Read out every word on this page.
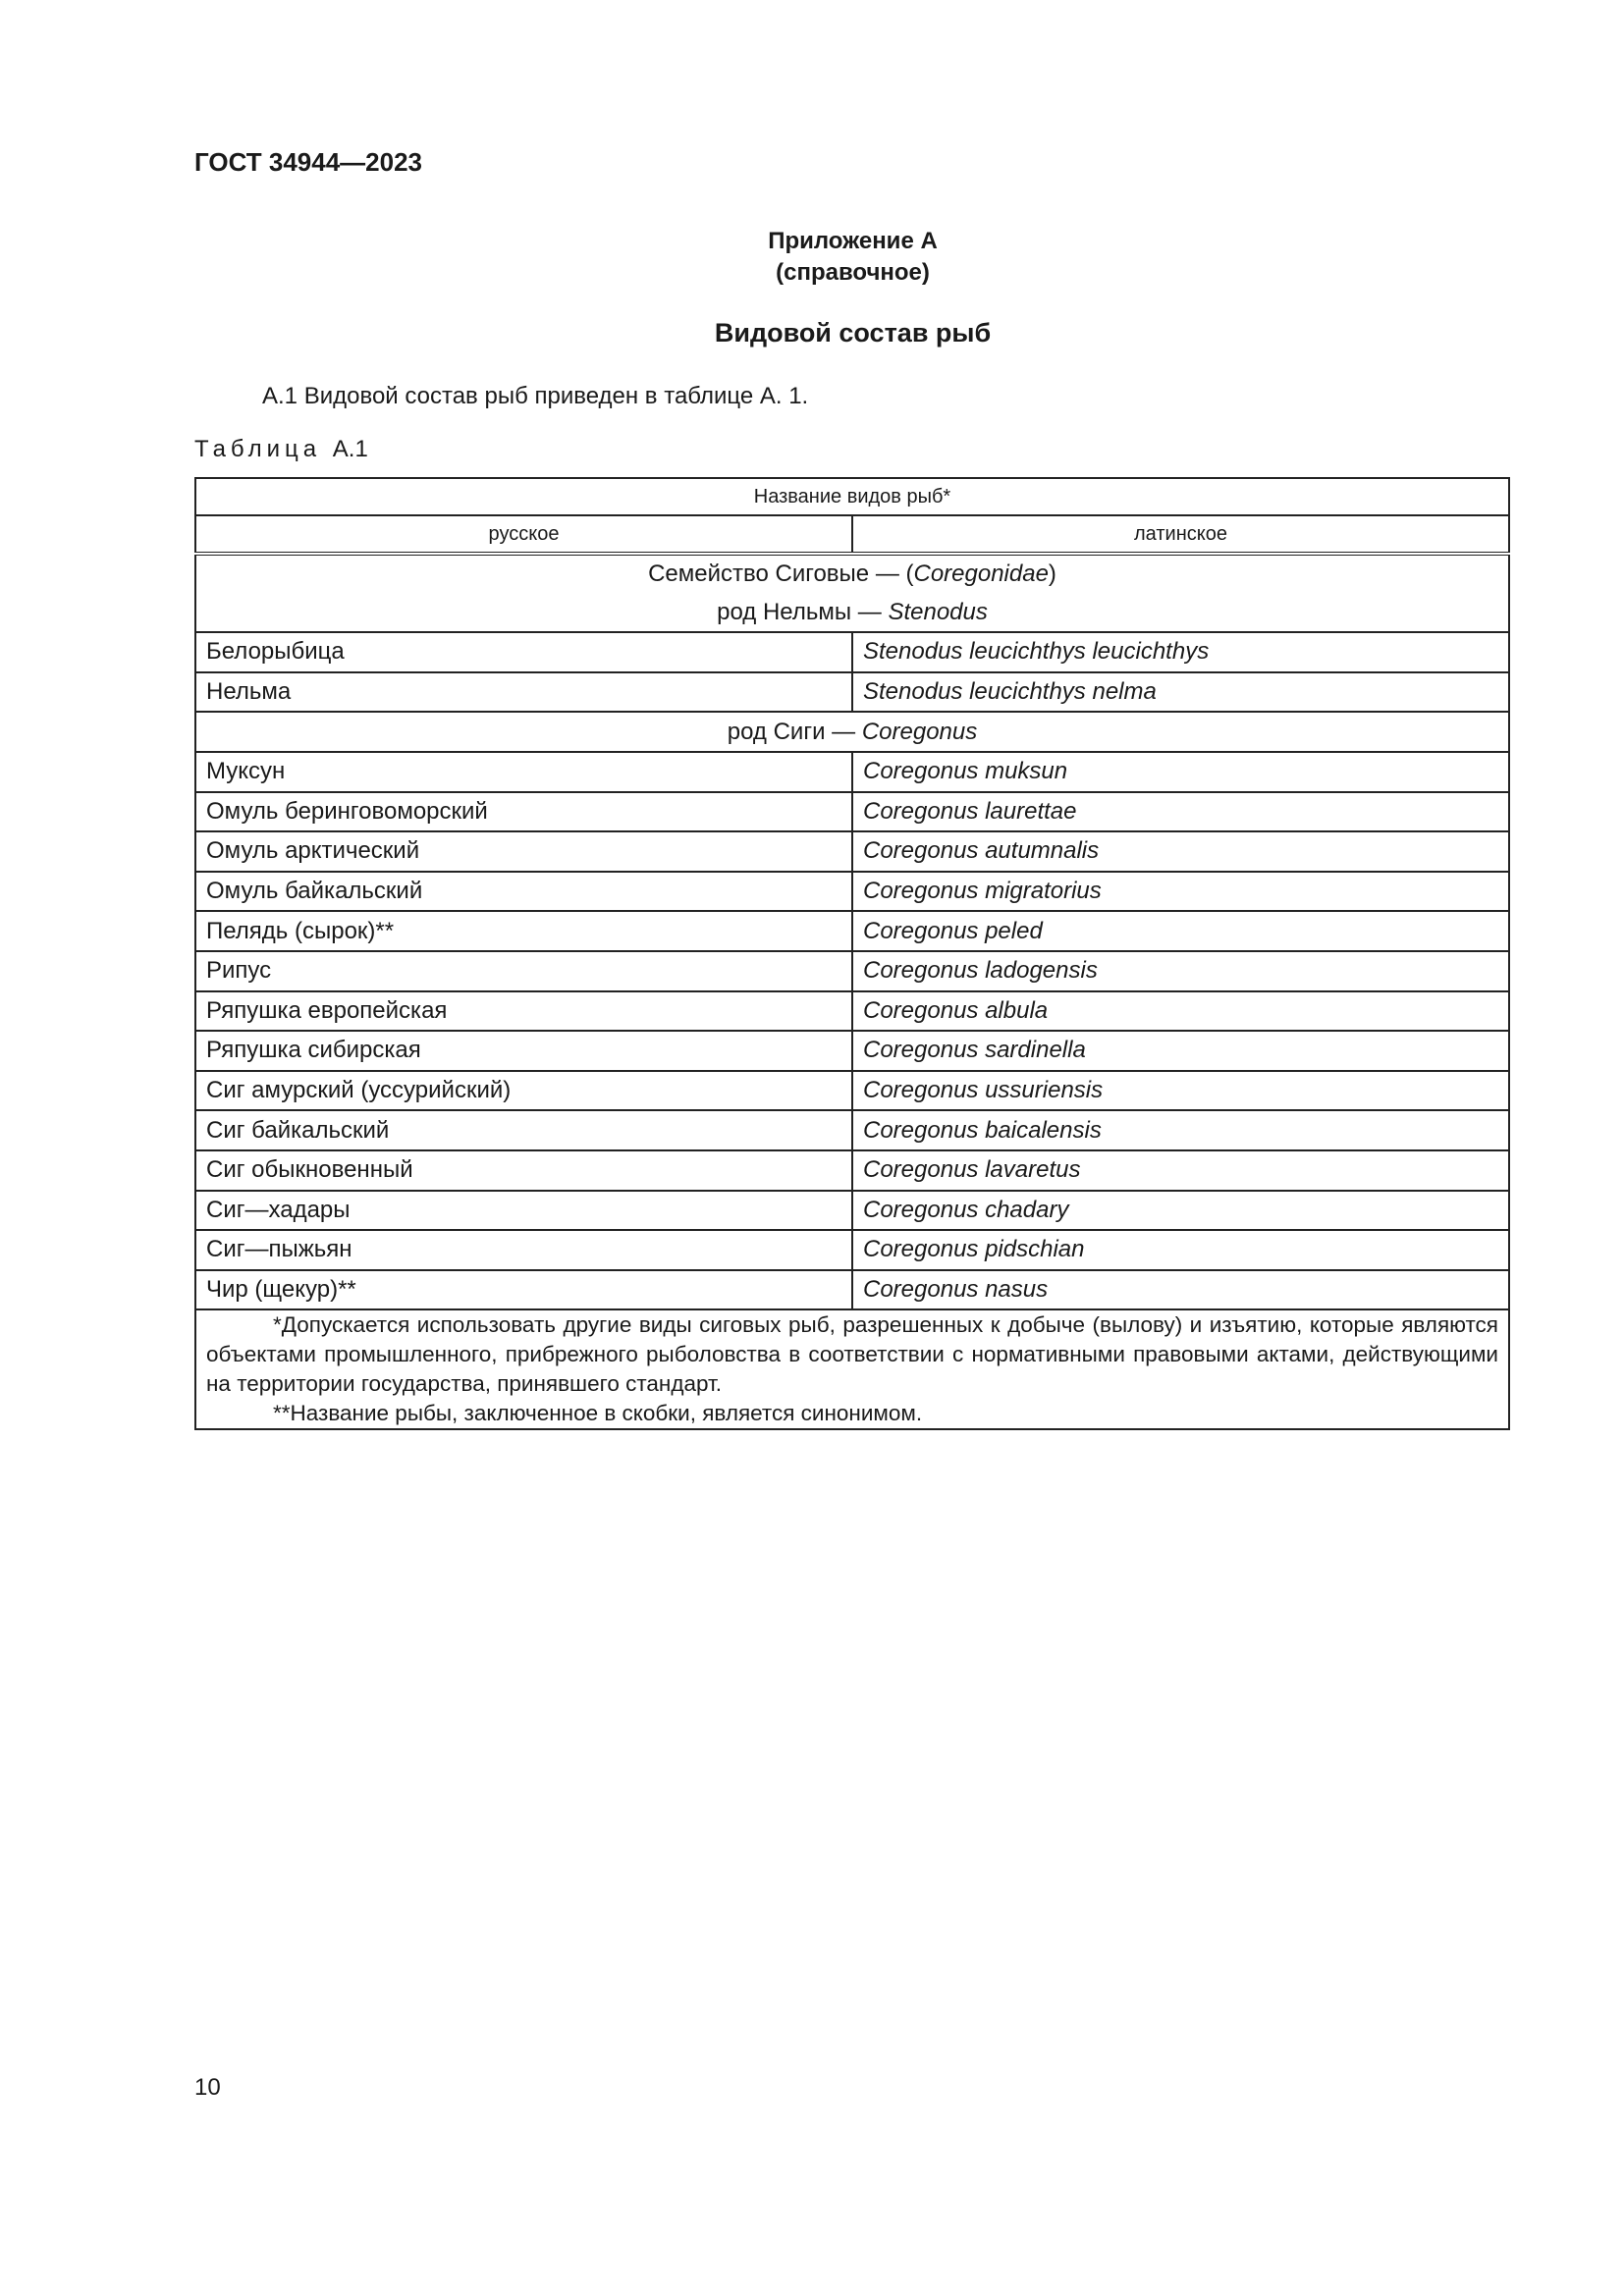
ГОСТ 34944—2023
Приложение А
(справочное)
Видовой состав рыб
А.1 Видовой состав рыб приведен в таблице А. 1.
Таблица А.1
Название видов рыб*	
русское	латинское
Семейство Сиговые — (Coregonidae)	
род Нельмы — Stenodus	
Белорыбица	Stenodus leucichthys leucichthys
Нельма	Stenodus leucichthys nelma
род Сиги — Coregonus	
Муксун	Coregonus muksun
Омуль беринговоморский	Coregonus laurettae
Омуль арктический	Coregonus autumnalis
Омуль байкальский	Coregonus migratorius
Пелядь (сырок)**	Coregonus peled
Рипус	Coregonus ladogensis
Ряпушка европейская	Coregonus albula
Ряпушка сибирская	Coregonus sardinella
Сиг амурский (уссурийский)	Coregonus ussuriensis
Сиг байкальский	Coregonus baicalensis
Сиг обыкновенный	Coregonus lavaretus
Сиг—хадары	Coregonus chadary
Сиг—пыжьян	Coregonus pidschian
Чир (щекур)**	Coregonus nasus

*Допускается использовать другие виды сиговых рыб, разрешенных к добыче (вылову) и изъятию, которые являются объектами промышленного, прибрежного рыболовства в соответствии с нормативными правовыми актами, действующими на территории государства, принявшего стандарт.

**Название рыбы, заключенное в скобки, является синонимом.	

10
